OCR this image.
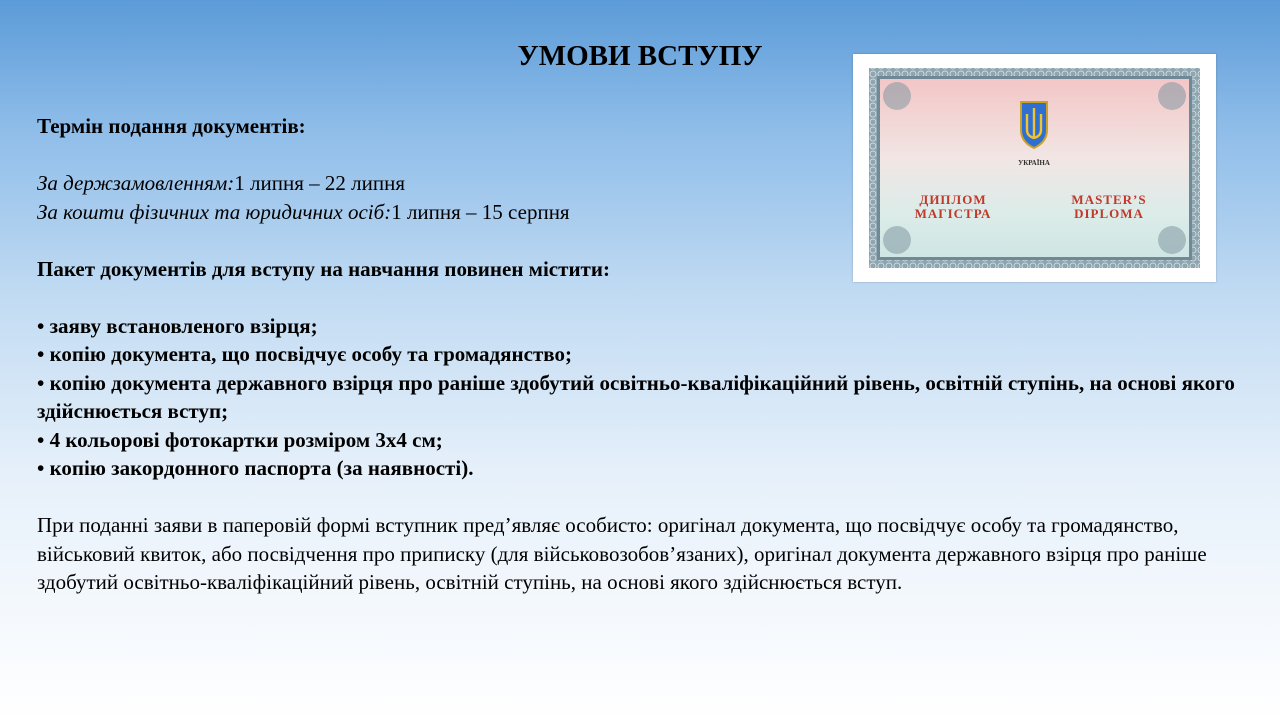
УМОВИ ВСТУПУ
Термін подання документів:
За держзамовленням:1 липня – 22 липня
За кошти фізичних та юридичних осіб:1 липня – 15 серпня
Пакет документів для вступу на навчання повинен містити:
• заяву встановленого взірця;
• копію документа, що посвідчує особу та громадянство;
• копію документа державного взірця про раніше здобутий освітньо-кваліфікаційний рівень, освітній ступінь, на основі якого здійснюється вступ;
• 4 кольорові фотокартки розміром 3х4 см;
• копію закордонного паспорта (за наявності).
При поданні заяви в паперовій формі вступник пред’являє особисто: оригінал документа, що посвідчує особу та громадянство, військовий квиток, або посвідчення про приписку (для військовозобов’язаних), оригінал документа державного взірця про раніше здобутий освітньо-кваліфікаційний рівень, освітній ступінь, на основі якого здійснюється вступ.
УКРАЇНА
ДИПЛОМ
МАГІСТРА
MASTER’S
DIPLOMA
